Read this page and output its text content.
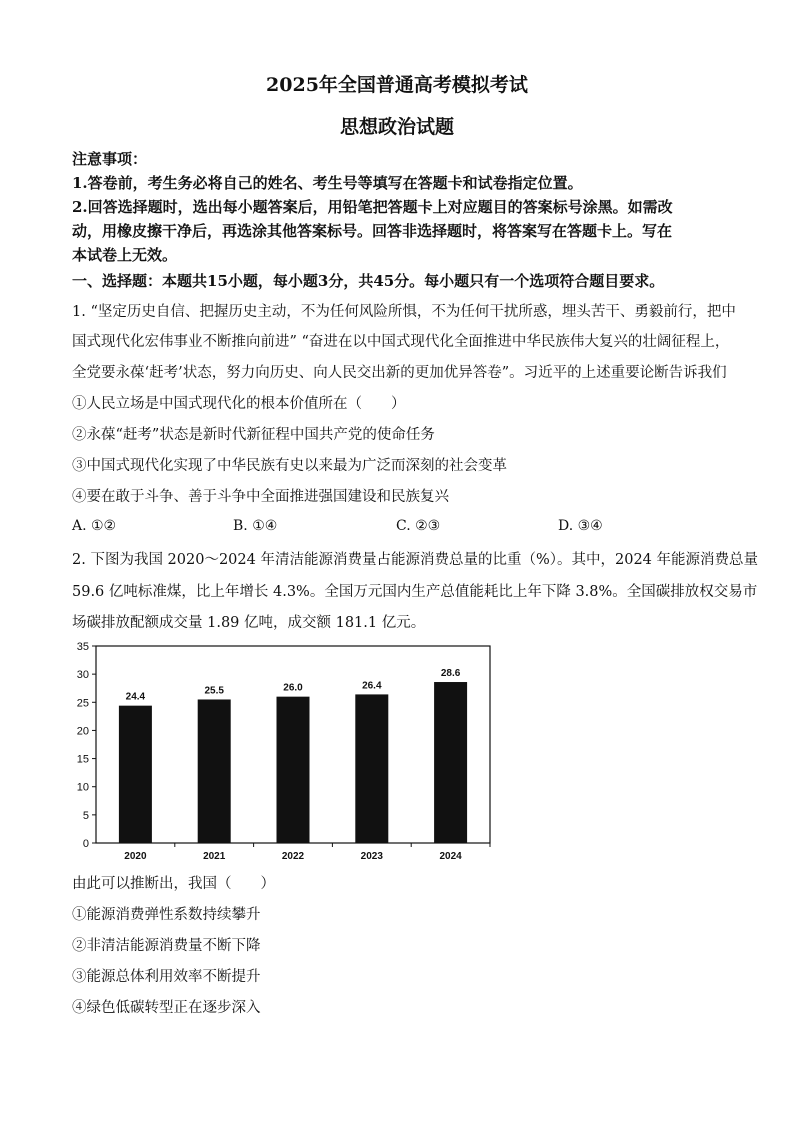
2025年全国普通高考模拟考试
思想政治试题
注意事项：
1.答卷前，考生务必将自己的姓名、考生号等填写在答题卡和试卷指定位置。
2.回答选择题时，选出每小题答案后，用铅笔把答题卡上对应题目的答案标号涂黑。如需改
动，用橡皮擦干净后，再选涂其他答案标号。回答非选择题时，将答案写在答题卡上。写在
本试卷上无效。
一、选择题：本题共15小题，每小题3分，共45分。每小题只有一个选项符合题目要求。
1. “坚定历史自信、把握历史主动，不为任何风险所惧，不为任何干扰所惑，埋头苦干、勇毅前行，把中
国式现代化宏伟事业不断推向前进” “奋进在以中国式现代化全面推进中华民族伟大复兴的壮阔征程上，
全党要永葆‘赶考’状态，努力向历史、向人民交出新的更加优异答卷”。习近平的上述重要论断告诉我们
①人民立场是中国式现代化的根本价值所在（　　）
②永葆“赶考”状态是新时代新征程中国共产党的使命任务
③中国式现代化实现了中华民族有史以来最为广泛而深刻的社会变革
④要在敢于斗争、善于斗争中全面推进强国建设和民族复兴
A. ①②	B. ①④	C. ②③	D. ③④
2. 下图为我国 2020～2024 年清洁能源消费量占能源消费总量的比重（%）。其中，2024 年能源消费总量
59.6 亿吨标准煤，比上年增长 4.3%。全国万元国内生产总值能耗比上年下降 3.8%。全国碳排放权交易市
场碳排放配额成交量 1.89 亿吨，成交额 181.1 亿元。
0
5
10
15
20
25
30
35
24.4
2020
25.5
2021
26.0
2022
26.4
2023
28.6
2024
由此可以推断出，我国（　　）
①能源消费弹性系数持续攀升
②非清洁能源消费量不断下降
③能源总体利用效率不断提升
④绿色低碳转型正在逐步深入
